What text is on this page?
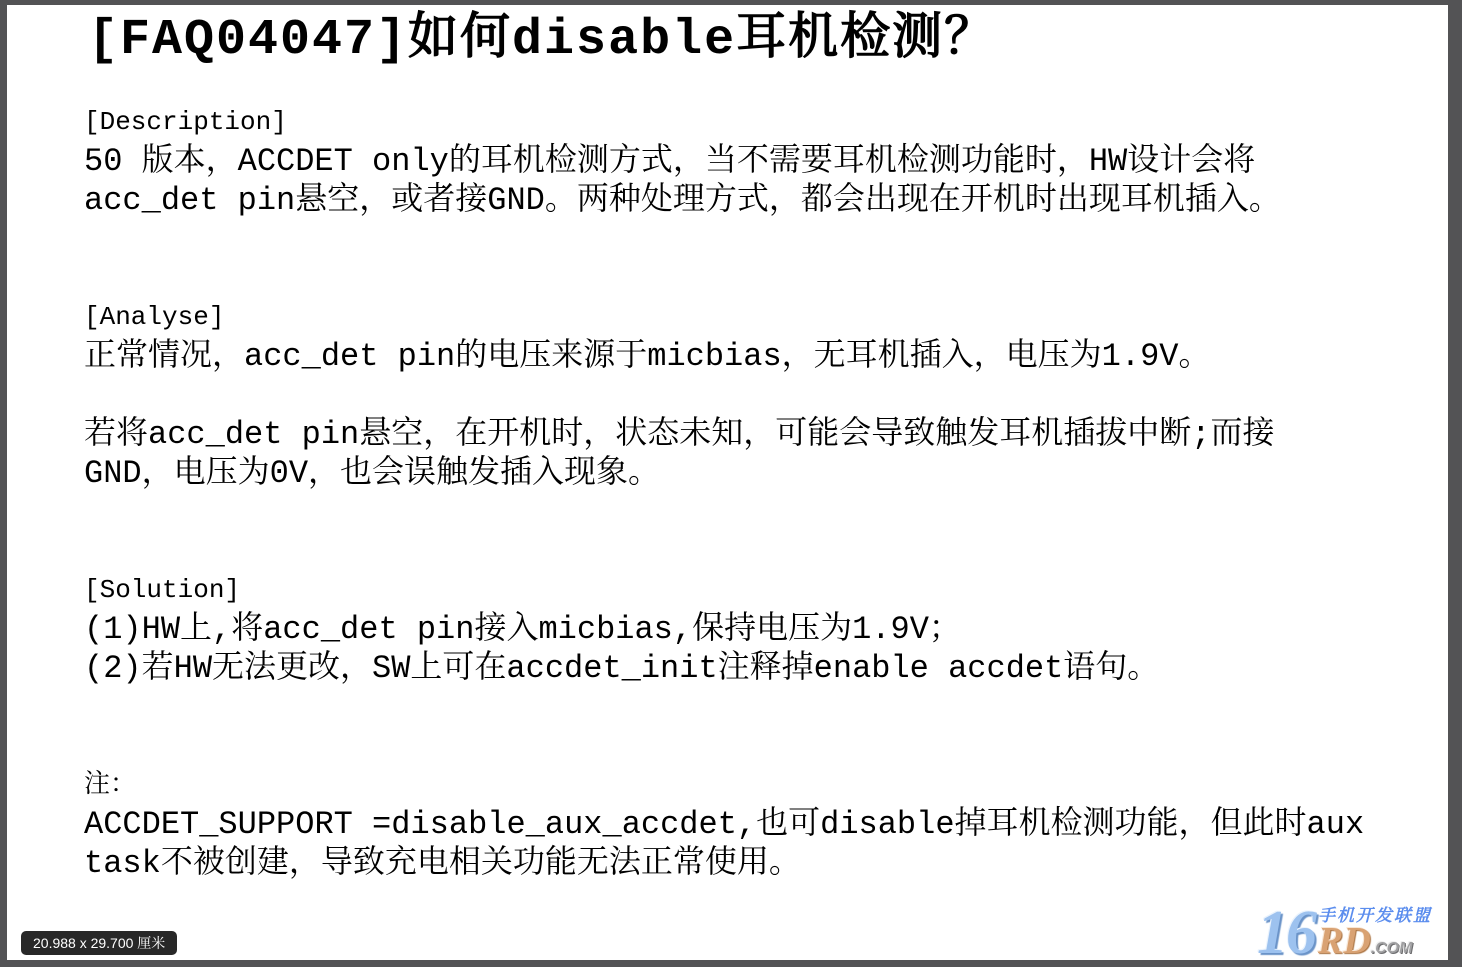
[FAQ04047]如何disable耳机检测？
[Description]
50 版本，ACCDET only的耳机检测方式，当不需要耳机检测功能时，HW设计会将
acc_det pin悬空，或者接GND。两种处理方式，都会出现在开机时出现耳机插入。
[Analyse]
正常情况，acc_det pin的电压来源于micbias，无耳机插入，电压为1.9V。
若将acc_det pin悬空，在开机时，状态未知，可能会导致触发耳机插拔中断;而接
GND，电压为0V，也会误触发插入现象。
[Solution]
(1)HW上,将acc_det pin接入micbias,保持电压为1.9V；
(2)若HW无法更改，SW上可在accdet_init注释掉enable accdet语句。
注：
ACCDET_SUPPORT =disable_aux_accdet,也可disable掉耳机检测功能，但此时aux
task不被创建，导致充电相关功能无法正常使用。
20.988 x 29.700 厘米	16 手机开发联盟
RD .COM
